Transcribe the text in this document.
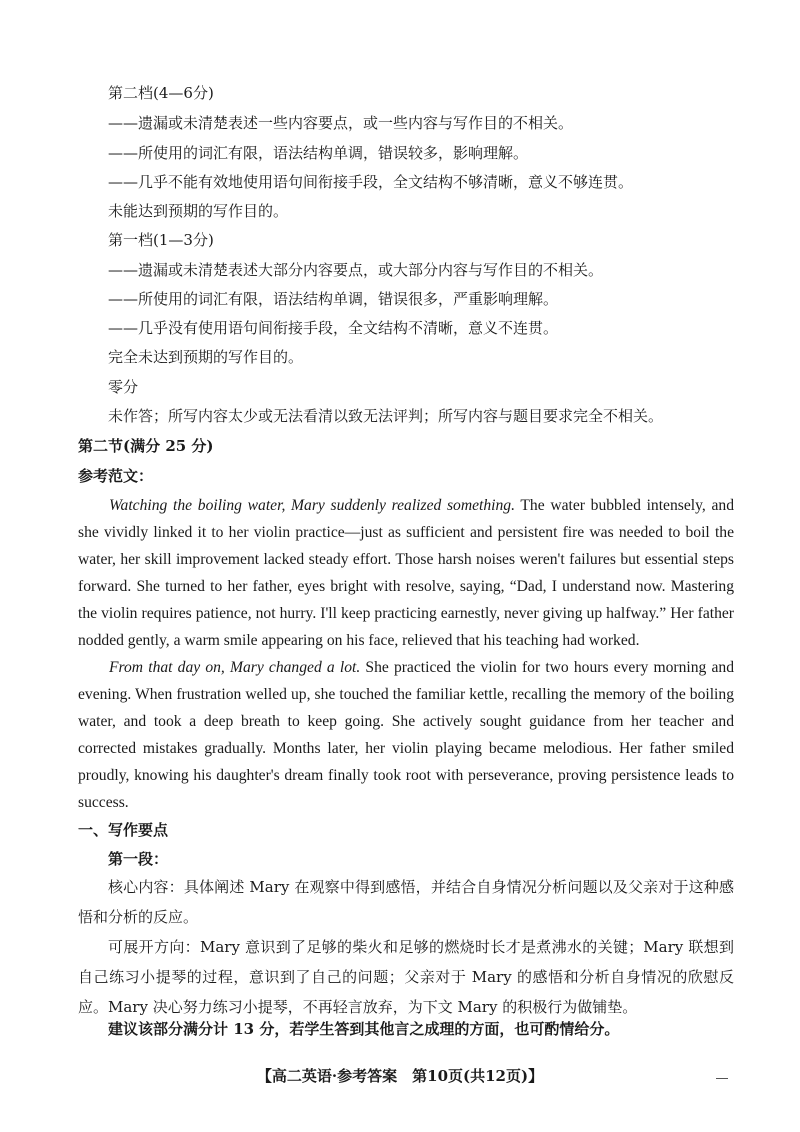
第二档(4—6分)
——遗漏或未清楚表述一些内容要点，或一些内容与写作目的不相关。
——所使用的词汇有限，语法结构单调，错误较多，影响理解。
——几乎不能有效地使用语句间衔接手段，全文结构不够清晰，意义不够连贯。
未能达到预期的写作目的。
第一档(1—3分)
——遗漏或未清楚表述大部分内容要点，或大部分内容与写作目的不相关。
——所使用的词汇有限，语法结构单调，错误很多，严重影响理解。
——几乎没有使用语句间衔接手段，全文结构不清晰，意义不连贯。
完全未达到预期的写作目的。
零分
未作答；所写内容太少或无法看清以致无法评判；所写内容与题目要求完全不相关。
第二节(满分 25 分)
参考范文：

Watching the boiling water, Mary suddenly realized something. The water bubbled intensely, and she vividly linked it to her violin practice—just as sufficient and persistent fire was needed to boil the water, her skill improvement lacked steady effort. Those harsh noises weren't failures but essential steps forward. She turned to her father, eyes bright with resolve, saying, “Dad, I understand now. Mastering the violin requires patience, not hurry. I'll keep practicing earnestly, never giving up halfway.” Her father nodded gently, a warm smile appearing on his face, relieved that his teaching had worked.

From that day on, Mary changed a lot. She practiced the violin for two hours every morning and evening. When frustration welled up, she touched the familiar kettle, recalling the memory of the boiling water, and took a deep breath to keep going. She actively sought guidance from her teacher and corrected mistakes gradually. Months later, her violin playing became melodious. Her father smiled proudly, knowing his daughter's dream finally took root with perseverance, proving persistence leads to success.

一、写作要点
第一段：

核心内容：具体阐述 Mary 在观察中得到感悟，并结合自身情况分析问题以及父亲对于这种感悟和分析的反应。

可展开方向：Mary 意识到了足够的柴火和足够的燃烧时长才是煮沸水的关键；Mary 联想到自己练习小提琴的过程，意识到了自己的问题；父亲对于 Mary 的感悟和分析自身情况的欣慰反应。Mary 决心努力练习小提琴，不再轻言放弃，为下文 Mary 的积极行为做铺垫。

建议该部分满分计 13 分，若学生答到其他言之成理的方面，也可酌情给分。
【高二英语·参考答案　第10页(共12页)】
